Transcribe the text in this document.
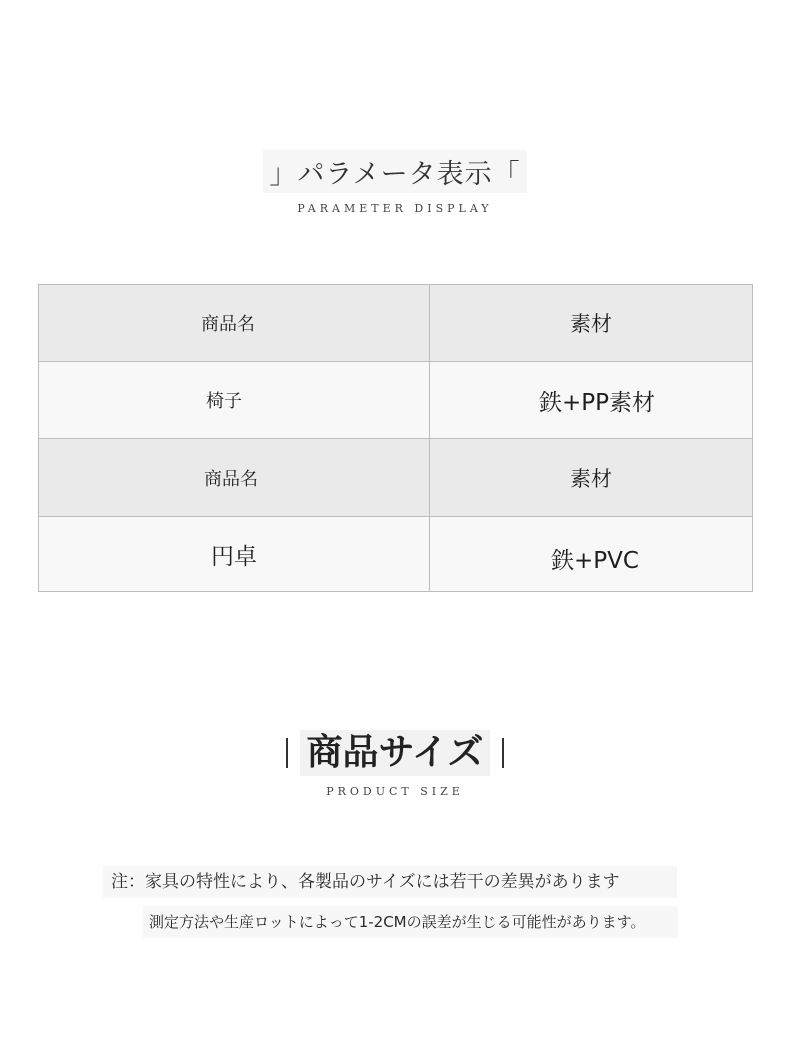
」パラメータ表示「
PARAMETER DISPLAY
商品名	素材
椅子	鉄+PP素材
商品名	素材
円卓	鉄+PVC
商品サイズ
PRODUCT SIZE
注：家具の特性により、各製品のサイズには若干の差異があります
測定方法や生産ロットによって1-2CMの誤差が生じる可能性があります。
